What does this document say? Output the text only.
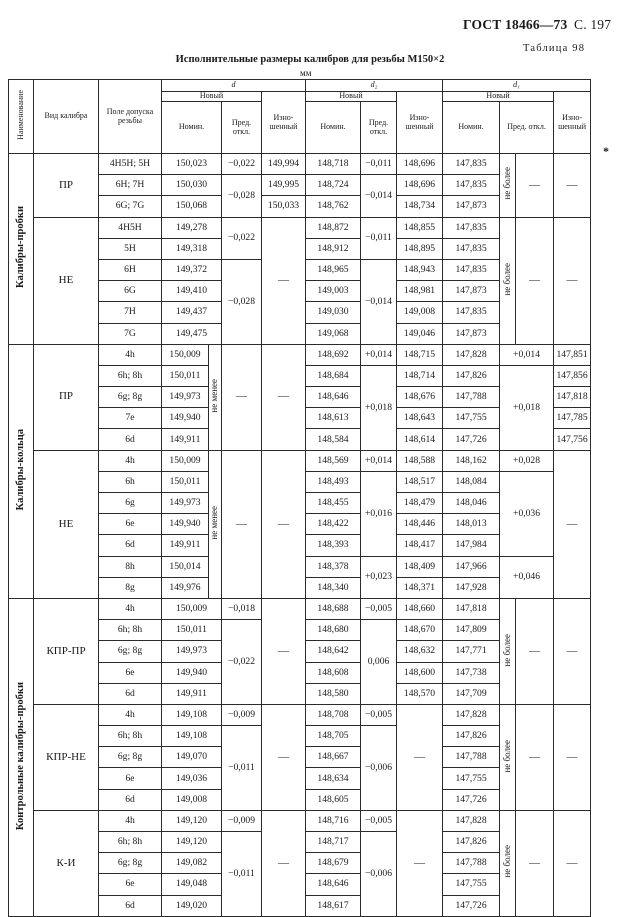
ГОСТ 18466—73 С. 197
Таблица 98
Исполнительные размеры калибров для резьбы М150×2
мм
*
Наименование	Вид калибра	Поле допуска резьбы	d				d₂			d₁			
			Новый			Изно-шенный	Новый		Изно-шенный	Новый			Изно-шенный
			Номин.		Пред. откл.		Номин.	Пред. откл.		Номин.	Пред. откл.		
Калибры-пробки	ПР	4H5H; 5H	150,023		−0,022	149,994	148,718	−0,011	148,696	147,835	не более	—	—
		6H; 7H	150,030		−0,028	149,995	148,724	−0,014	148,696	147,835			
		6G; 7G	150,068			150,033	148,762		148,734	147,873			
	НЕ	4H5H	149,278		−0,022	—	148,872	−0,011	148,855	147,835	не более	—	—
		5H	149,318				148,912		148,895	147,835			
		6H	149,372		−0,028		148,965	−0,014	148,943	147,835			
		6G	149,410				149,003		148,981	147,873			
		7H	149,437				149,030		149,008	147,835			
		7G	149,475				149,068		149,046	147,873			
Калибры-кольца	ПР	4h	150,009	не менее	—	—	148,692	+0,014	148,715	147,828	+0,014		147,851
		6h; 8h	150,011				148,684	+0,018	148,714	147,826	+0,018		147,856
		6g; 8g	149,973				148,646		148,676	147,788			147,818
		7e	149,940				148,613		148,643	147,755			147,785
		6d	149,911				148,584		148,614	147,726			147,756
	НЕ	4h	150,009	не менее	—	—	148,569	+0,014	148,588	148,162	+0,028		—
		6h	150,011				148,493	+0,016	148,517	148,084	+0,036		
		6g	149,973				148,455		148,479	148,046			
		6e	149,940				148,422		148,446	148,013			
		6d	149,911				148,393		148,417	147,984			
		8h	150,014				148,378	+0,023	148,409	147,966	+0,046		
		8g	149,976				148,340		148,371	147,928			
Контрольные калибры-пробки	КПР-ПР	4h	150,009		−0,018	—	148,688	−0,005	148,660	147,818	не более	—	—
		6h; 8h	150,011		−0,022		148,680	0,006	148,670	147,809			
		6g; 8g	149,973				148,642		148,632	147,771			
		6e	149,940				148,608		148,600	147,738			
		6d	149,911				148,580		148,570	147,709			
	КПР-НЕ	4h	149,108		−0,009	—	148,708	−0,005	—	147,828	не более	—	—
		6h; 8h	149,108		−0,011		148,705	−0,006		147,826			
		6g; 8g	149,070				148,667			147,788			
		6e	149,036				148,634			147,755			
		6d	149,008				148,605			147,726			
	К-И	4h	149,120		−0,009	—	148,716	−0,005	—	147,828	не более	—	—
		6h; 8h	149,120		−0,011		148,717	−0,006		147,826			
		6g; 8g	149,082				148,679			147,788			
		6e	149,048				148,646			147,755			
		6d	149,020				148,617			147,726			
